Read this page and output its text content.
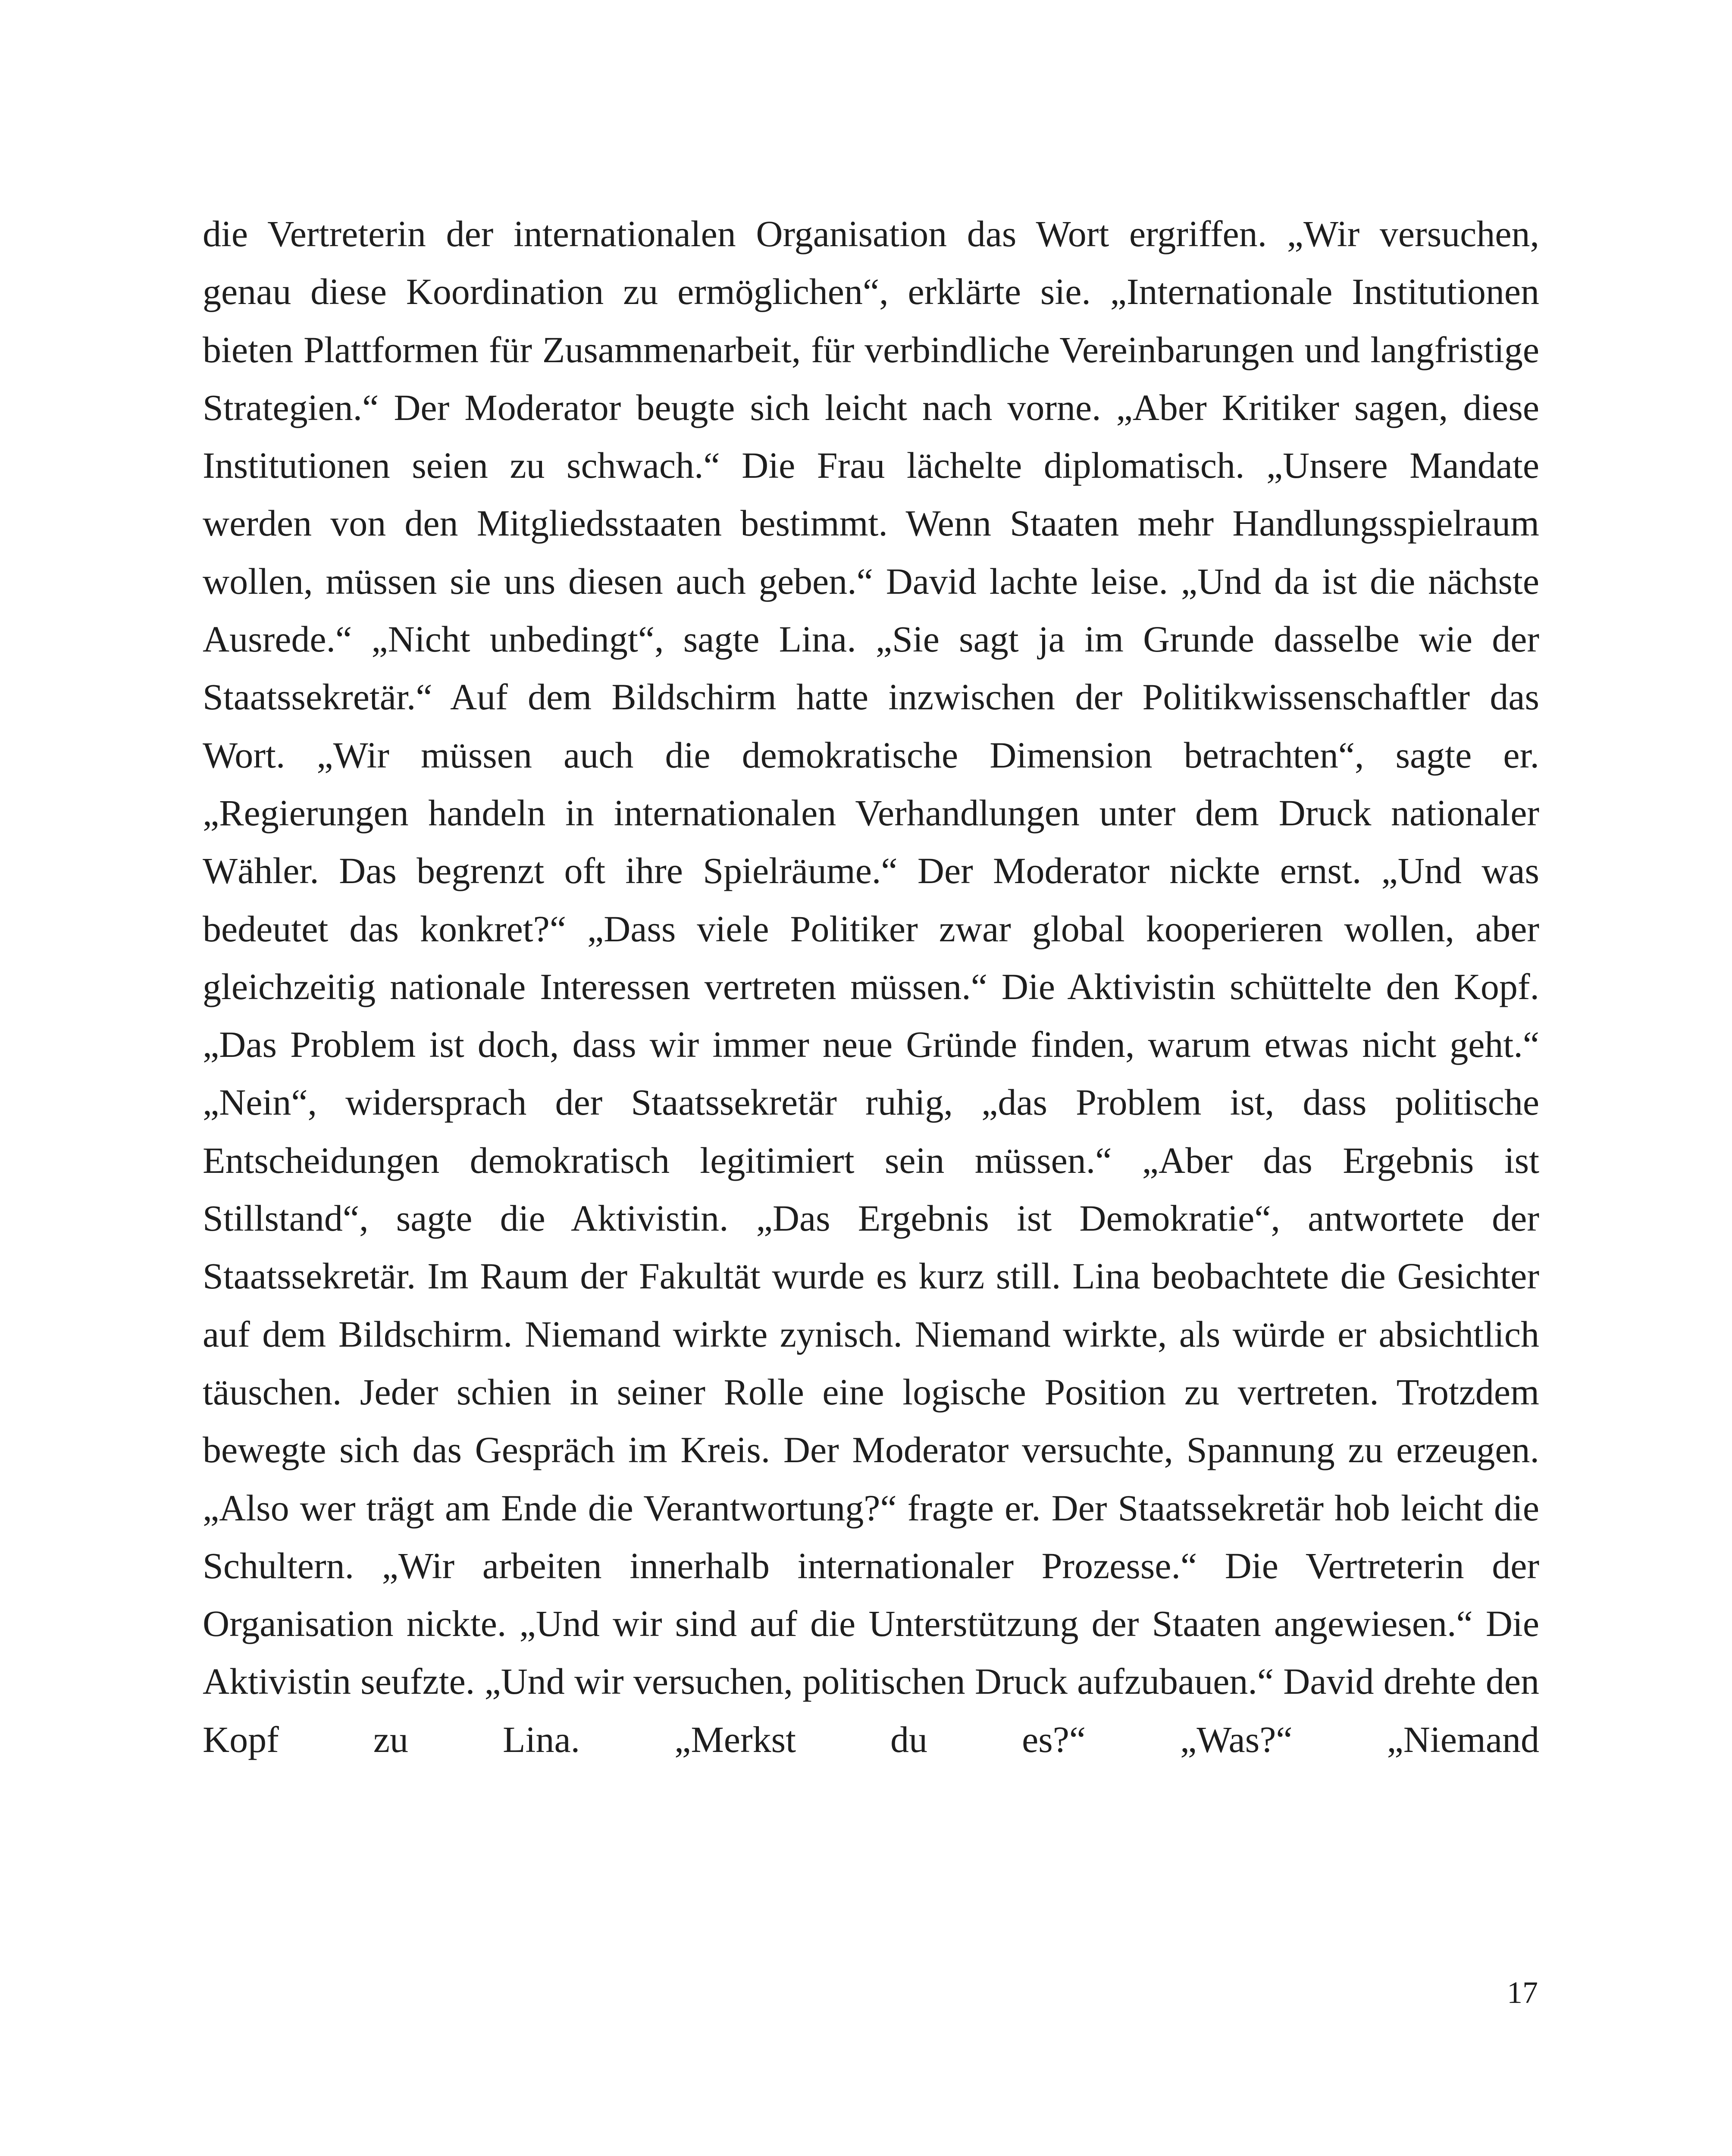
die Vertreterin der internationalen Organisation das Wort ergriffen. „Wir versuchen, genau diese Koordination zu ermöglichen“, erklärte sie. „Internationale Institutionen bieten Plattformen für Zusammenarbeit, für verbindliche Vereinbarungen und langfristige Strategien.“ Der Moderator beugte sich leicht nach vorne. „Aber Kritiker sagen, diese Institutionen seien zu schwach.“ Die Frau lächelte diplomatisch. „Unsere Mandate werden von den Mitgliedsstaaten bestimmt. Wenn Staaten mehr Handlungsspielraum wollen, müssen sie uns diesen auch geben.“ David lachte leise. „Und da ist die nächste Ausrede.“ „Nicht unbedingt“, sagte Lina. „Sie sagt ja im Grunde dasselbe wie der Staatssekretär.“ Auf dem Bildschirm hatte inzwischen der Politikwissenschaftler das Wort. „Wir müssen auch die demokratische Dimension betrachten“, sagte er. „Regierungen handeln in internationalen Verhandlungen unter dem Druck nationaler Wähler. Das begrenzt oft ihre Spielräume.“ Der Moderator nickte ernst. „Und was bedeutet das konkret?“ „Dass viele Politiker zwar global kooperieren wollen, aber gleichzeitig nationale Interessen vertreten müssen.“ Die Aktivistin schüttelte den Kopf. „Das Problem ist doch, dass wir immer neue Gründe finden, warum etwas nicht geht.“ „Nein“, widersprach der Staatssekretär ruhig, „das Problem ist, dass politische Entscheidungen demokratisch legitimiert sein müssen.“ „Aber das Ergebnis ist Stillstand“, sagte die Aktivistin. „Das Ergebnis ist Demokratie“, antwortete der Staatssekretär. Im Raum der Fakultät wurde es kurz still. Lina beobachtete die Gesichter auf dem Bildschirm. Niemand wirkte zynisch. Niemand wirkte, als würde er absichtlich täuschen. Jeder schien in seiner Rolle eine logische Position zu vertreten. Trotzdem bewegte sich das Gespräch im Kreis. Der Moderator versuchte, Spannung zu erzeugen. „Also wer trägt am Ende die Verantwortung?“ fragte er. Der Staatssekretär hob leicht die Schultern. „Wir arbeiten innerhalb internationaler Prozesse.“ Die Vertreterin der Organisation nickte. „Und wir sind auf die Unterstützung der Staaten angewiesen.“ Die Aktivistin seufzte. „Und wir versuchen, politischen Druck aufzubauen.“ David drehte den Kopf zu Lina. „Merkst du es?“ „Was?“ „Niemand

17
